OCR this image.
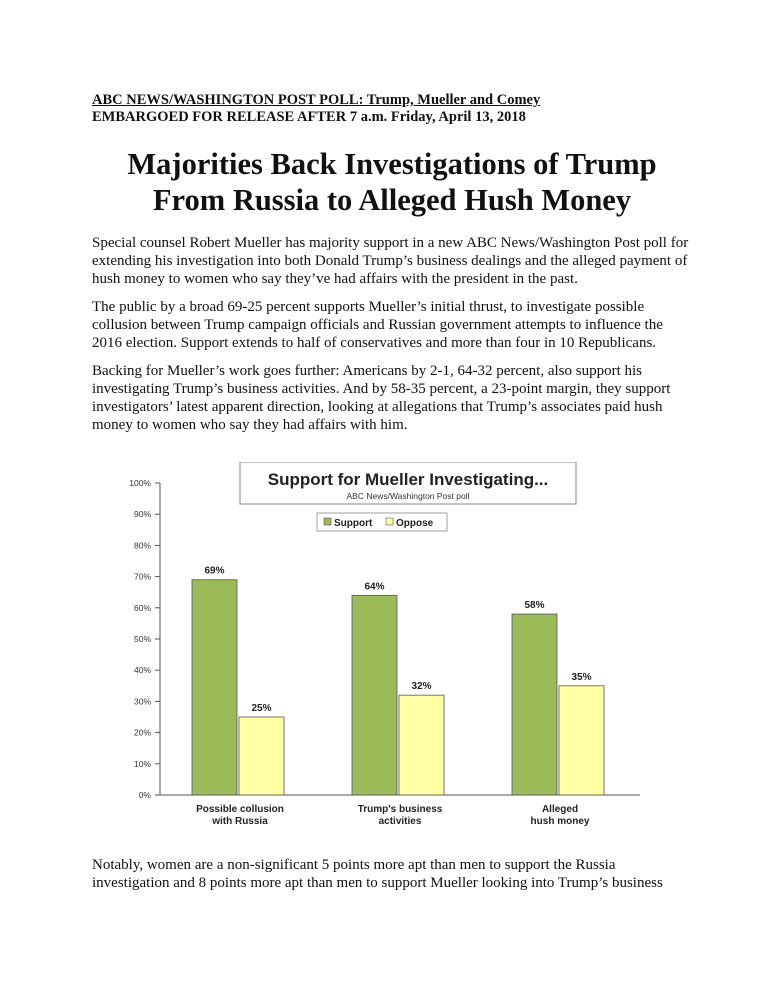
ABC NEWS/WASHINGTON POST POLL: Trump, Mueller and Comey
EMBARGOED FOR RELEASE AFTER 7 a.m. Friday, April 13, 2018
Majorities Back Investigations of Trump
From Russia to Alleged Hush Money
Special counsel Robert Mueller has majority support in a new ABC News/Washington Post poll for extending his investigation into both Donald Trump’s business dealings and the alleged payment of hush money to women who say they’ve had affairs with the president in the past.
The public by a broad 69-25 percent supports Mueller’s initial thrust, to investigate possible collusion between Trump campaign officials and Russian government attempts to influence the 2016 election. Support extends to half of conservatives and more than four in 10 Republicans.
Backing for Mueller’s work goes further: Americans by 2-1, 64-32 percent, also support his investigating Trump’s business activities. And by 58-35 percent, a 23-point margin, they support investigators’ latest apparent direction, looking at allegations that Trump’s associates paid hush money to women who say they had affairs with him.
0%
10%
20%
30%
40%
50%
60%
70%
80%
90%
100%
69%
64%
58%
25%
32%
35%
Possible collusion
with Russia
Trump's business
activities
Alleged
hush money
Support for Mueller Investigating...
ABC News/Washington Post poll
Support Oppose
Notably, women are a non-significant 5 points more apt than men to support the Russia investigation and 8 points more apt than men to support Mueller looking into Trump’s business
